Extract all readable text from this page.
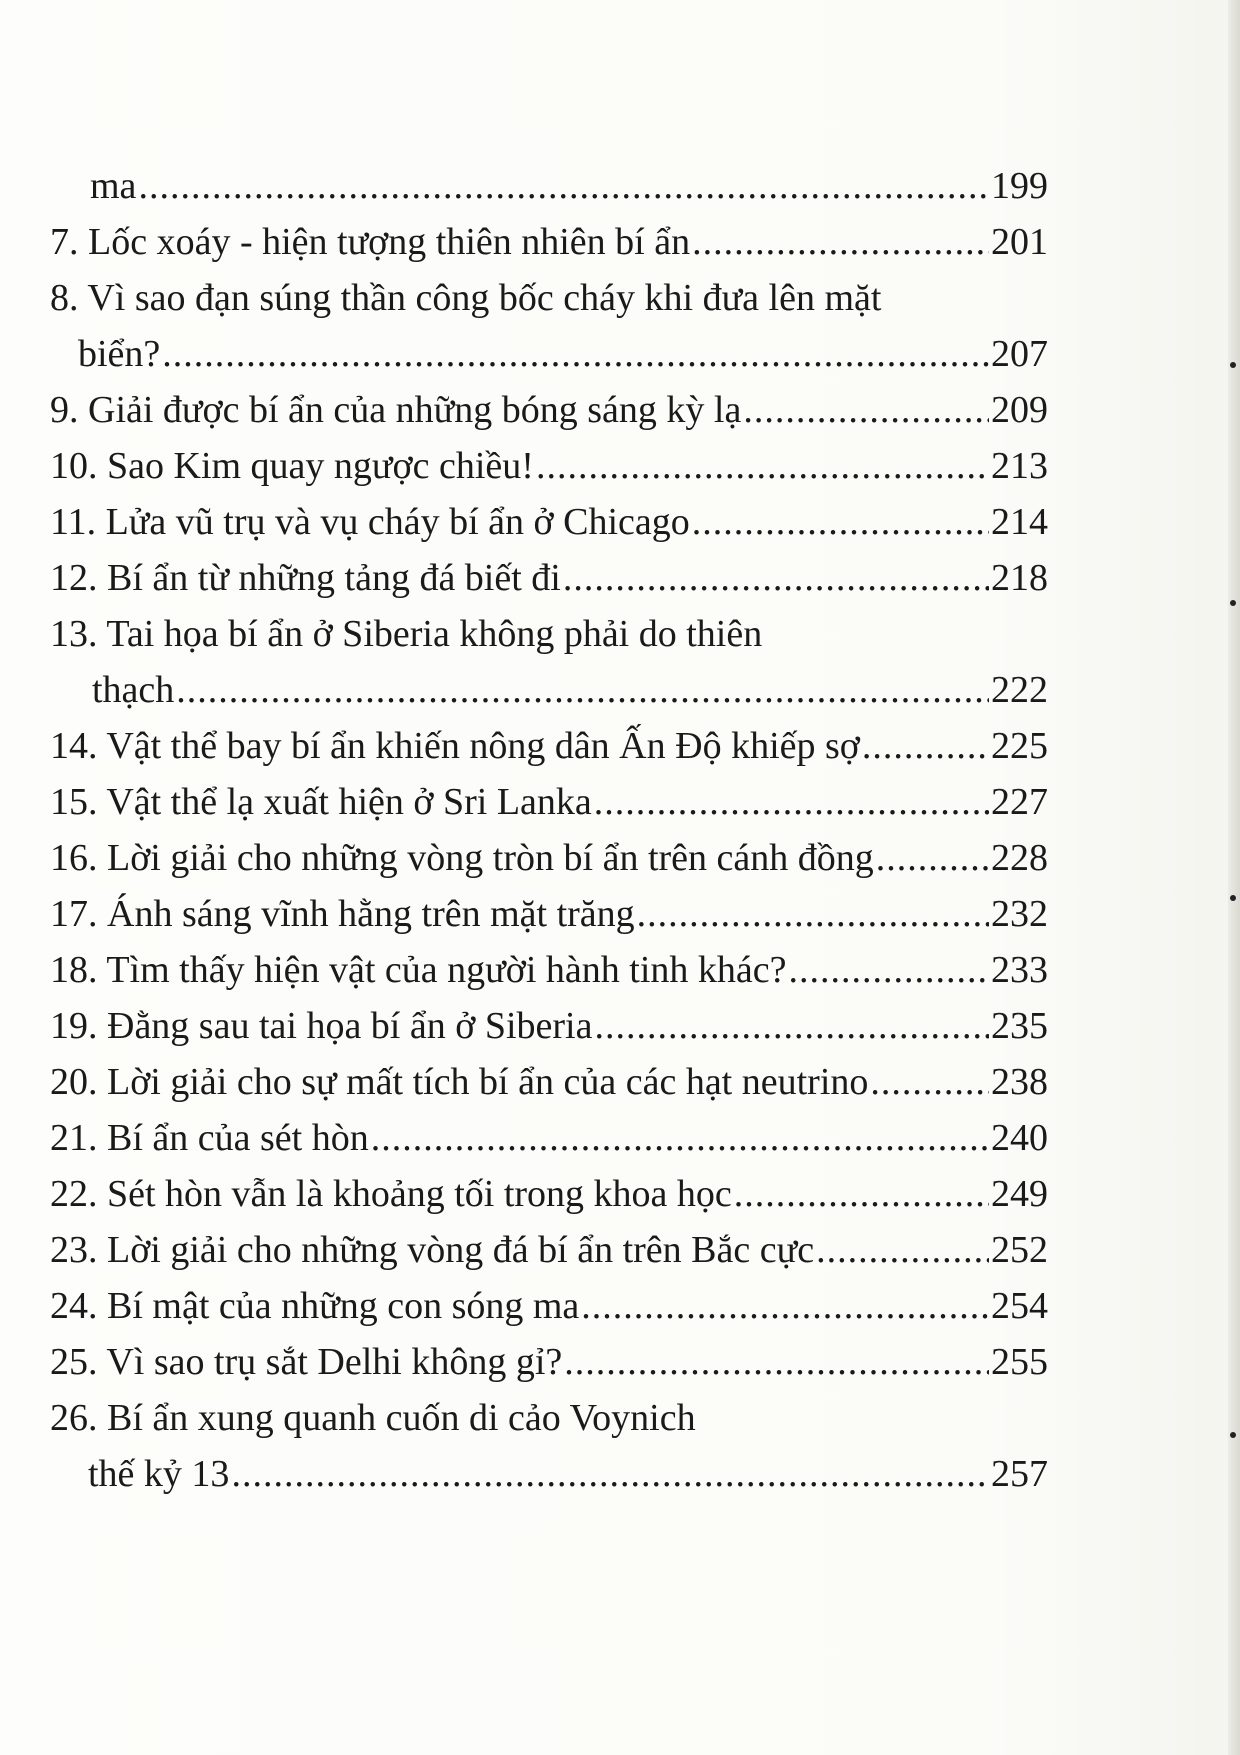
ma .....	199
7. Lốc xoáy - hiện tượng thiên nhiên bí ẩn .....	201
8. Vì sao đạn súng thần công bốc cháy khi đưa lên mặt
biển? .....	207
9. Giải được bí ẩn của những bóng sáng kỳ lạ .....	209
10. Sao Kim quay ngược chiều! .....	213
11. Lửa vũ trụ và vụ cháy bí ẩn ở Chicago .....	214
12. Bí ẩn từ những tảng đá biết đi .....	218
13. Tai họa bí ẩn ở Siberia không phải do thiên
thạch .....	222
14. Vật thể bay bí ẩn khiến nông dân Ấn Độ khiếp sợ .....	225
15. Vật thể lạ xuất hiện ở Sri Lanka .....	227
16. Lời giải cho những vòng tròn bí ẩn trên cánh đồng .....	228
17. Ánh sáng vĩnh hằng trên mặt trăng .....	232
18. Tìm thấy hiện vật của người hành tinh khác? .....	233
19. Đằng sau tai họa bí ẩn ở Siberia .....	235
20. Lời giải cho sự mất tích bí ẩn của các hạt neutrino .....	238
21. Bí ẩn của sét hòn .....	240
22. Sét hòn vẫn là khoảng tối trong khoa học .....	249
23. Lời giải cho những vòng đá bí ẩn trên Bắc cực .....	252
24. Bí mật của những con sóng ma .....	254
25. Vì sao trụ sắt Delhi không gỉ? .....	255
26. Bí ẩn xung quanh cuốn di cảo Voynich
thế kỷ 13 .....	257
